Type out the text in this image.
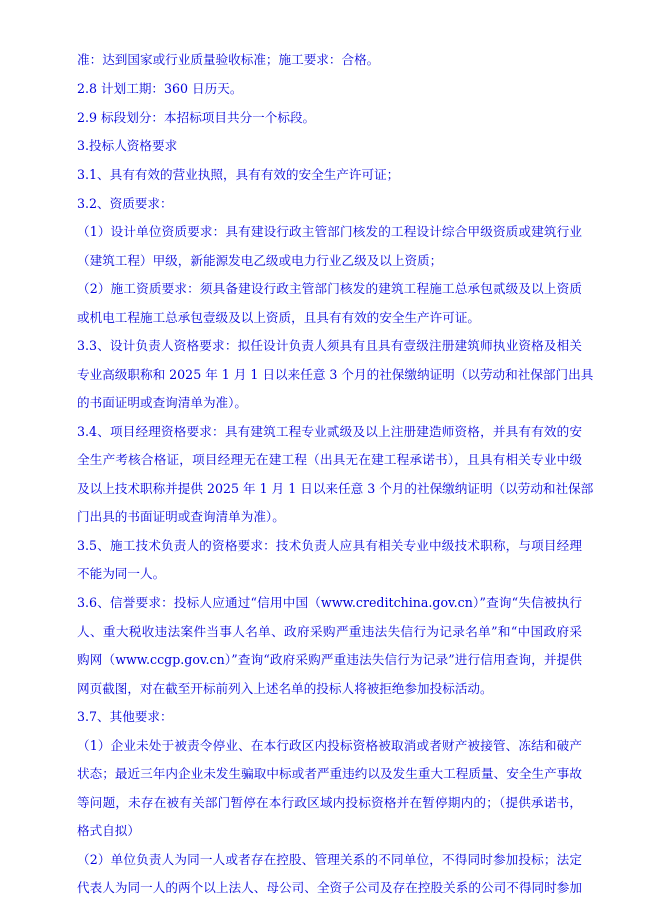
准：达到国家或行业质量验收标准；施工要求：合格。
2.8 计划工期：360 日历天。
2.9 标段划分：本招标项目共分一个标段。
3.投标人资格要求
3.1、具有有效的营业执照，具有有效的安全生产许可证；
3.2、资质要求：
（1）设计单位资质要求：具有建设行政主管部门核发的工程设计综合甲级资质或建筑行业
（建筑工程）甲级，新能源发电乙级或电力行业乙级及以上资质；
（2）施工资质要求：须具备建设行政主管部门核发的建筑工程施工总承包贰级及以上资质
或机电工程施工总承包壹级及以上资质，且具有有效的安全生产许可证。
3.3、设计负责人资格要求：拟任设计负责人须具有且具有壹级注册建筑师执业资格及相关
专业高级职称和 2025 年 1 月 1 日以来任意 3 个月的社保缴纳证明（以劳动和社保部门出具
的书面证明或查询清单为准）。
3.4、项目经理资格要求：具有建筑工程专业贰级及以上注册建造师资格，并具有有效的安
全生产考核合格证，项目经理无在建工程（出具无在建工程承诺书），且具有相关专业中级
及以上技术职称并提供 2025 年 1 月 1 日以来任意 3 个月的社保缴纳证明（以劳动和社保部
门出具的书面证明或查询清单为准）。
3.5、施工技术负责人的资格要求：技术负责人应具有相关专业中级技术职称，与项目经理
不能为同一人。
3.6、信誉要求：投标人应通过“信用中国（www.creditchina.gov.cn）”查询“失信被执行
人、重大税收违法案件当事人名单、政府采购严重违法失信行为记录名单”和“中国政府采
购网（www.ccgp.gov.cn）”查询“政府采购严重违法失信行为记录”进行信用查询，并提供
网页截图，对在截至开标前列入上述名单的投标人将被拒绝参加投标活动。
3.7、其他要求：
（1）企业未处于被责令停业、在本行政区内投标资格被取消或者财产被接管、冻结和破产
状态；最近三年内企业未发生骗取中标或者严重违约以及发生重大工程质量、安全生产事故
等问题，未存在被有关部门暂停在本行政区域内投标资格并在暂停期内的；（提供承诺书，
格式自拟）
（2）单位负责人为同一人或者存在控股、管理关系的不同单位，不得同时参加投标；法定
代表人为同一人的两个以上法人、母公司、全资子公司及存在控股关系的公司不得同时参加
